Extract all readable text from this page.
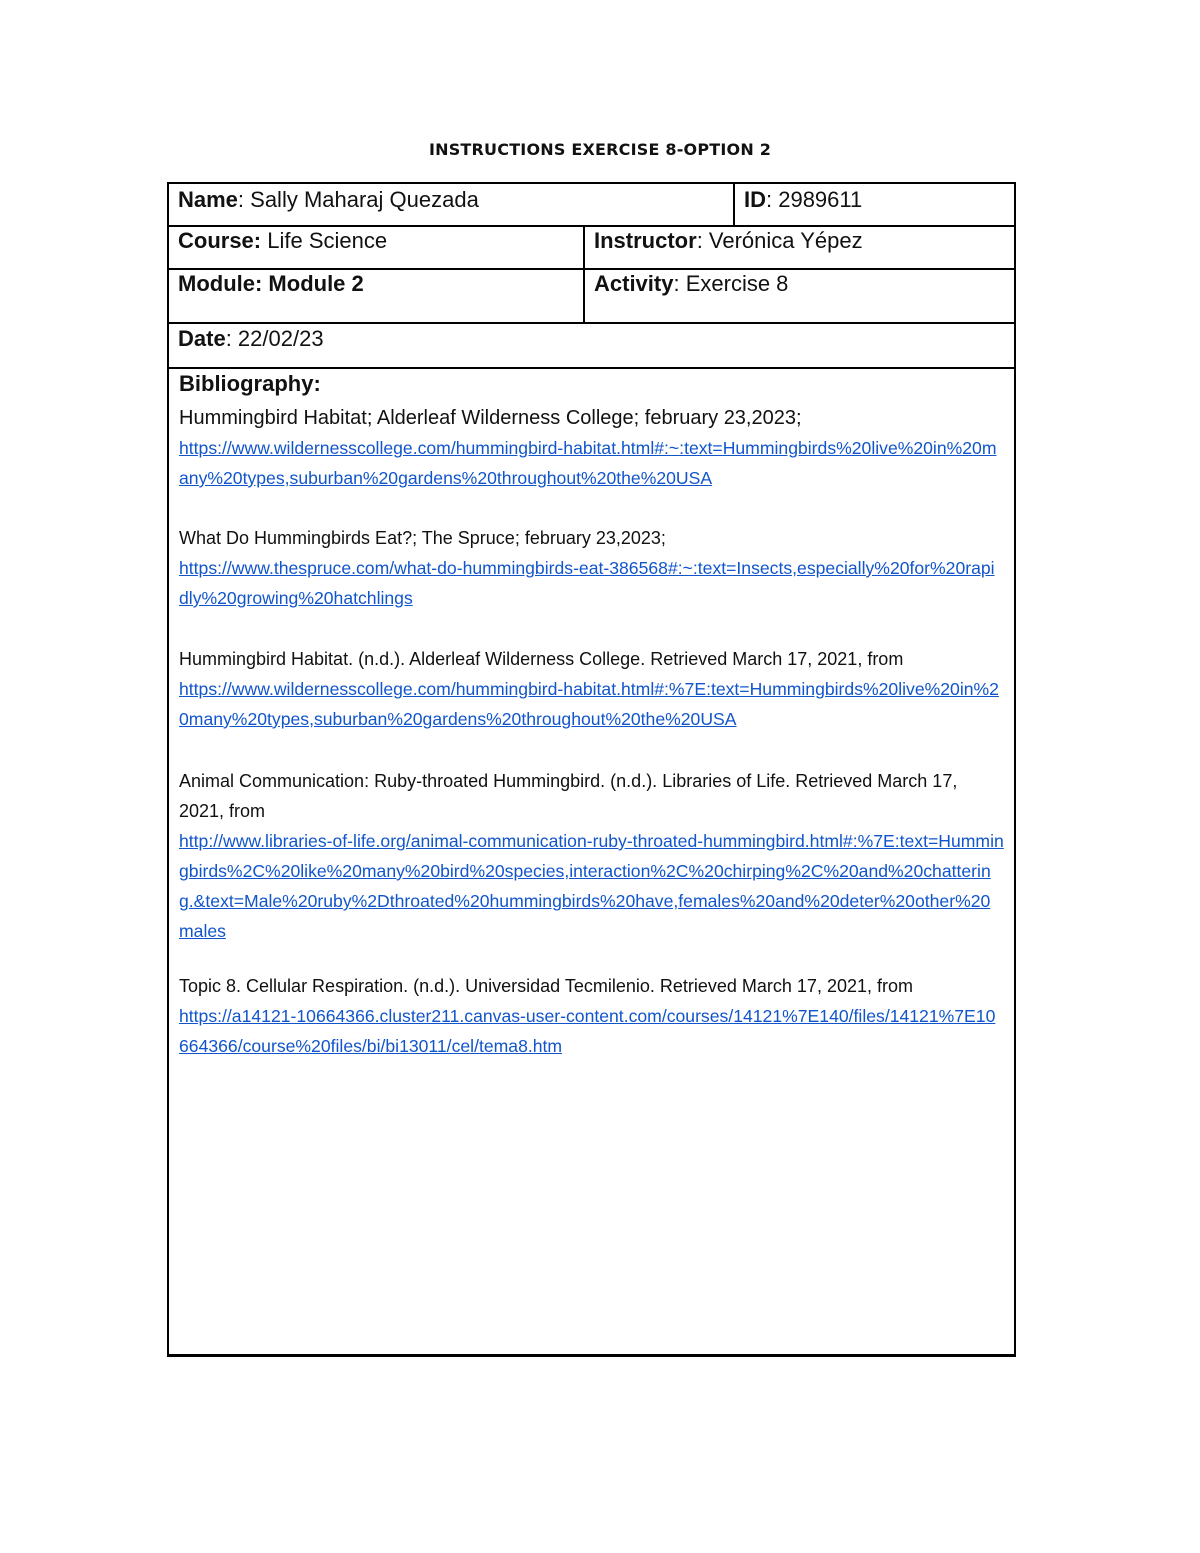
INSTRUCTIONS EXERCISE 8-OPTION 2
Name: Sally Maharaj Quezada	ID: 2989611
Course: Life Science	Instructor: Verónica Yépez
Module: Module 2	Activity: Exercise 8
Date: 22/02/23
Bibliography:
Hummingbird Habitat; Alderleaf Wilderness College; february 23,2023;
https://www.wildernesscollege.com/hummingbird-habitat.html#:~:text=Hummingbirds%20live%20in%20many%20types,suburban%20gardens%20throughout%20the%20USA
What Do Hummingbirds Eat?; The Spruce; february 23,2023;
https://www.thespruce.com/what-do-hummingbirds-eat-386568#:~:text=Insects,especially%20for%20rapidly%20growing%20hatchlings
Hummingbird Habitat. (n.d.). Alderleaf Wilderness College. Retrieved March 17, 2021, from
https://www.wildernesscollege.com/hummingbird-habitat.html#:%7E:text=Hummingbirds%20live%20in%20many%20types,suburban%20gardens%20throughout%20the%20USA
Animal Communication: Ruby-throated Hummingbird. (n.d.). Libraries of Life. Retrieved March 17, 2021, from
http://www.libraries-of-life.org/animal-communication-ruby-throated-hummingbird.html#:%7E:text=Hummingbirds%2C%20like%20many%20bird%20species,interaction%2C%20chirping%2C%20and%20chattering.&text=Male%20ruby%2Dthroated%20hummingbirds%20have,females%20and%20deter%20other%20males
Topic 8. Cellular Respiration. (n.d.). Universidad Tecmilenio. Retrieved March 17, 2021, from
https://a14121-10664366.cluster211.canvas-user-content.com/courses/14121%7E140/files/14121%7E10664366/course%20files/bi/bi13011/cel/tema8.htm
